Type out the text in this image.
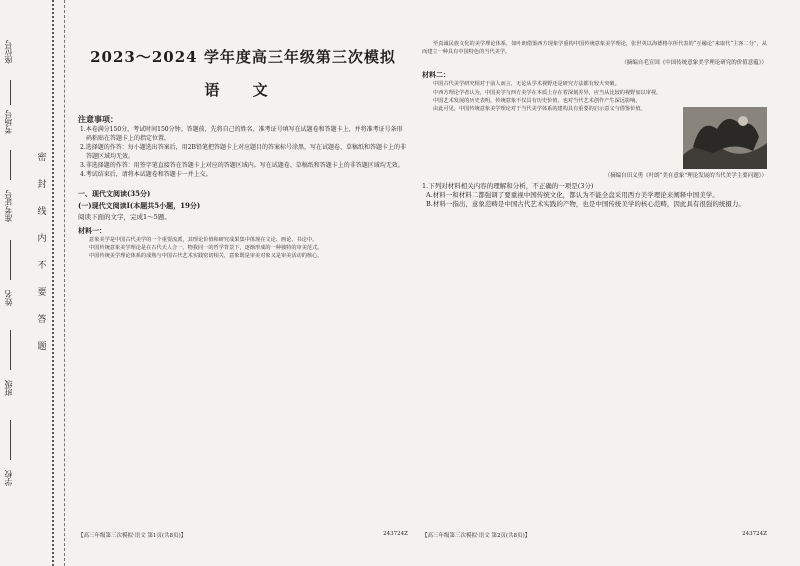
学校
班级
姓名
准考证号
考场号
座位号
密
封
线
内
不
要
答
题
2023～2024 学年度高三年级第三次模拟
语 文
注意事项：
1.本卷满分150分，考试时间150分钟。答题前，先将自己的姓名、准考证号填写在试题卷和答题卡上，并将准考证号条形码粘贴在答题卡上的指定位置。
2.选择题的作答：每小题选出答案后，用2B铅笔把答题卡上对应题目的答案标号涂黑，写在试题卷、草稿纸和答题卡上的非答题区域均无效。
3.非选择题的作答：用签字笔直接答在答题卡上对应的答题区域内。写在试题卷、草稿纸和答题卡上的非答题区域均无效。
4.考试结束后，请将本试题卷和答题卡一并上交。
一、现代文阅读(35分)
(一)现代文阅读Ⅰ(本题共5小题，19分)
阅读下面的文字，完成1～5题。
材料一：
意象美学是中国古代美学的一个重要流派，其理论价值和研究成果集中体现在文论、画论、书论中。
中国传统意象美学理论是在古代天人合一、物我同一的哲学背景下，逐渐形成的一种独特的审美范式。
中国传统美学理论体系的成熟与中国古代艺术实践密切相关，意象既是审美对象又是审美活动的核心。
【高三年级第三次模拟·语文 第1页(共8页)】	243724Z
至真诚民族文化的美学理论体系，如叶朗借鉴西方现象学重构中国传统意象美学理论，张世英以海德格尔所代表的“互融论”来取代“主客二分”，从而建立一种具有中国特色的当代美学。
（摘编自毛宣国《中国传统意象美学理论研究的价值意蕴》）
材料二：
中国古代美学研究相对于前人而言，无论从学术视野还是研究方法都有较大突破。
中西方理论学者认为，中国美学与西方美学在本质上存在着深刻差异，应当从比较的视野加以审视。
中国艺术发展的历史表明，传统意象不仅具有历史价值，也对当代艺术创作产生深远影响。
由此可见，中国传统意象美学理论对于当代美学体系的建构具有重要的启示意义与借鉴价值。
（摘编自田义勇《叶朗“美在意象”理论发展的当代美学主要问题》）
1.下列对材料相关内容的理解和分析，不正确的一项是(3分)
A.材料一和材料二都强调了要重视中国传统文化，都认为不能全盘采用西方美学理论来阐释中国美学。
B.材料一指出，意象范畴是中国古代艺术实践的产物，也是中国传统美学的核心范畴，因此具有很强的统摄力。
【高三年级第三次模拟·语文 第2页(共8页)】	243724Z
